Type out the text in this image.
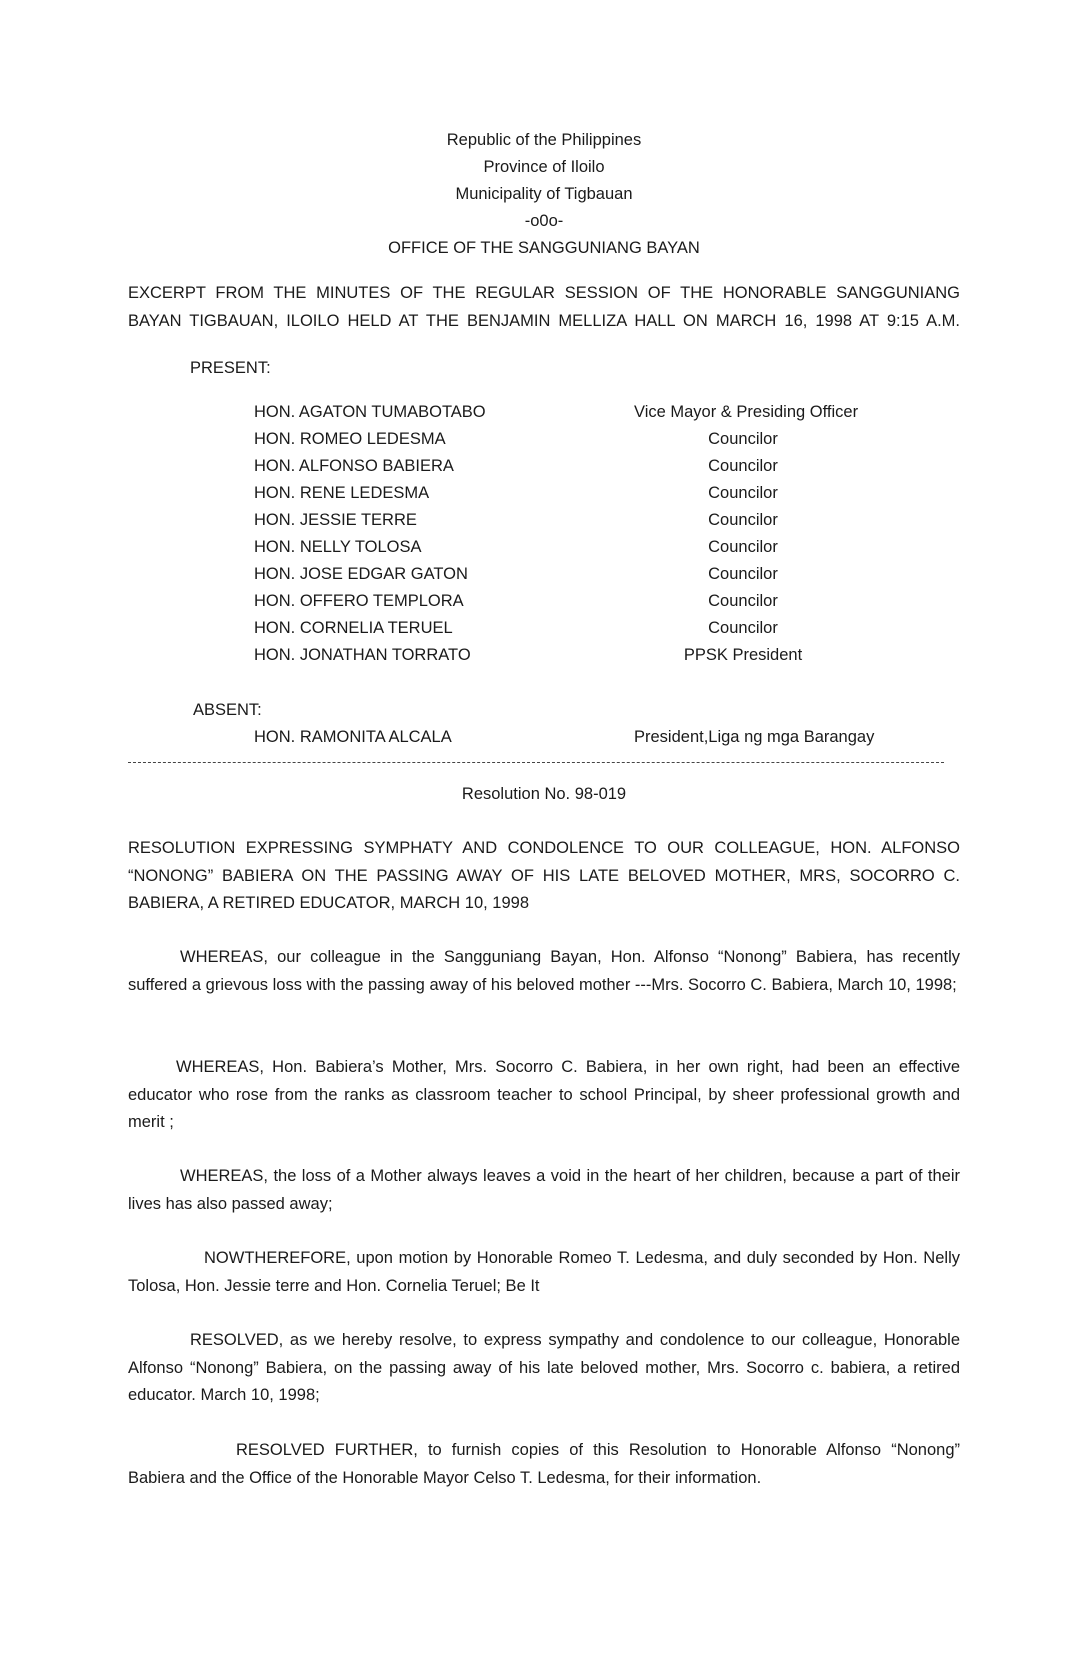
Republic of the Philippines
Province of Iloilo
Municipality of Tigbauan
-o0o-
OFFICE OF THE SANGGUNIANG BAYAN
EXCERPT FROM THE MINUTES OF THE REGULAR SESSION OF THE HONORABLE SANGGUNIANG BAYAN TIGBAUAN, ILOILO HELD AT THE BENJAMIN MELLIZA HALL ON MARCH 16, 1998 AT 9:15 A.M.
PRESENT:
HON. AGATON TUMABOTABO	Vice Mayor & Presiding Officer
HON. ROMEO LEDESMA	Councilor
HON. ALFONSO BABIERA	Councilor
HON. RENE LEDESMA	Councilor
HON. JESSIE TERRE	Councilor
HON. NELLY TOLOSA	Councilor
HON. JOSE EDGAR GATON	Councilor
HON. OFFERO TEMPLORA	Councilor
HON. CORNELIA TERUEL	Councilor
HON. JONATHAN TORRATO	PPSK President
ABSENT:
HON. RAMONITA ALCALA	President,Liga ng mga Barangay
Resolution No. 98-019
RESOLUTION EXPRESSING SYMPHATY AND CONDOLENCE TO OUR COLLEAGUE, HON. ALFONSO “NONONG” BABIERA ON THE PASSING AWAY OF HIS LATE BELOVED MOTHER, MRS, SOCORRO C. BABIERA, A RETIRED EDUCATOR, MARCH 10, 1998
WHEREAS, our colleague in the Sangguniang Bayan, Hon. Alfonso “Nonong” Babiera, has recently suffered a grievous loss with the passing away of his beloved mother ---Mrs. Socorro C. Babiera, March 10, 1998;
WHEREAS, Hon. Babiera’s Mother, Mrs. Socorro C. Babiera, in her own right, had been an effective educator who rose from the ranks as classroom teacher to school Principal, by sheer professional growth and merit ;
WHEREAS, the loss of a Mother always leaves a void in the heart of her children, because a part of their lives has also passed away;
NOWTHEREFORE, upon motion by Honorable Romeo T. Ledesma, and duly seconded by Hon. Nelly Tolosa, Hon. Jessie terre and Hon. Cornelia Teruel; Be It
RESOLVED, as we hereby resolve, to express sympathy and condolence to our colleague, Honorable Alfonso “Nonong” Babiera, on the passing away of his late beloved mother, Mrs. Socorro c. babiera, a retired educator. March 10, 1998;
RESOLVED FURTHER, to furnish copies of this Resolution to Honorable Alfonso “Nonong” Babiera and the Office of the Honorable Mayor Celso T. Ledesma, for their information.
